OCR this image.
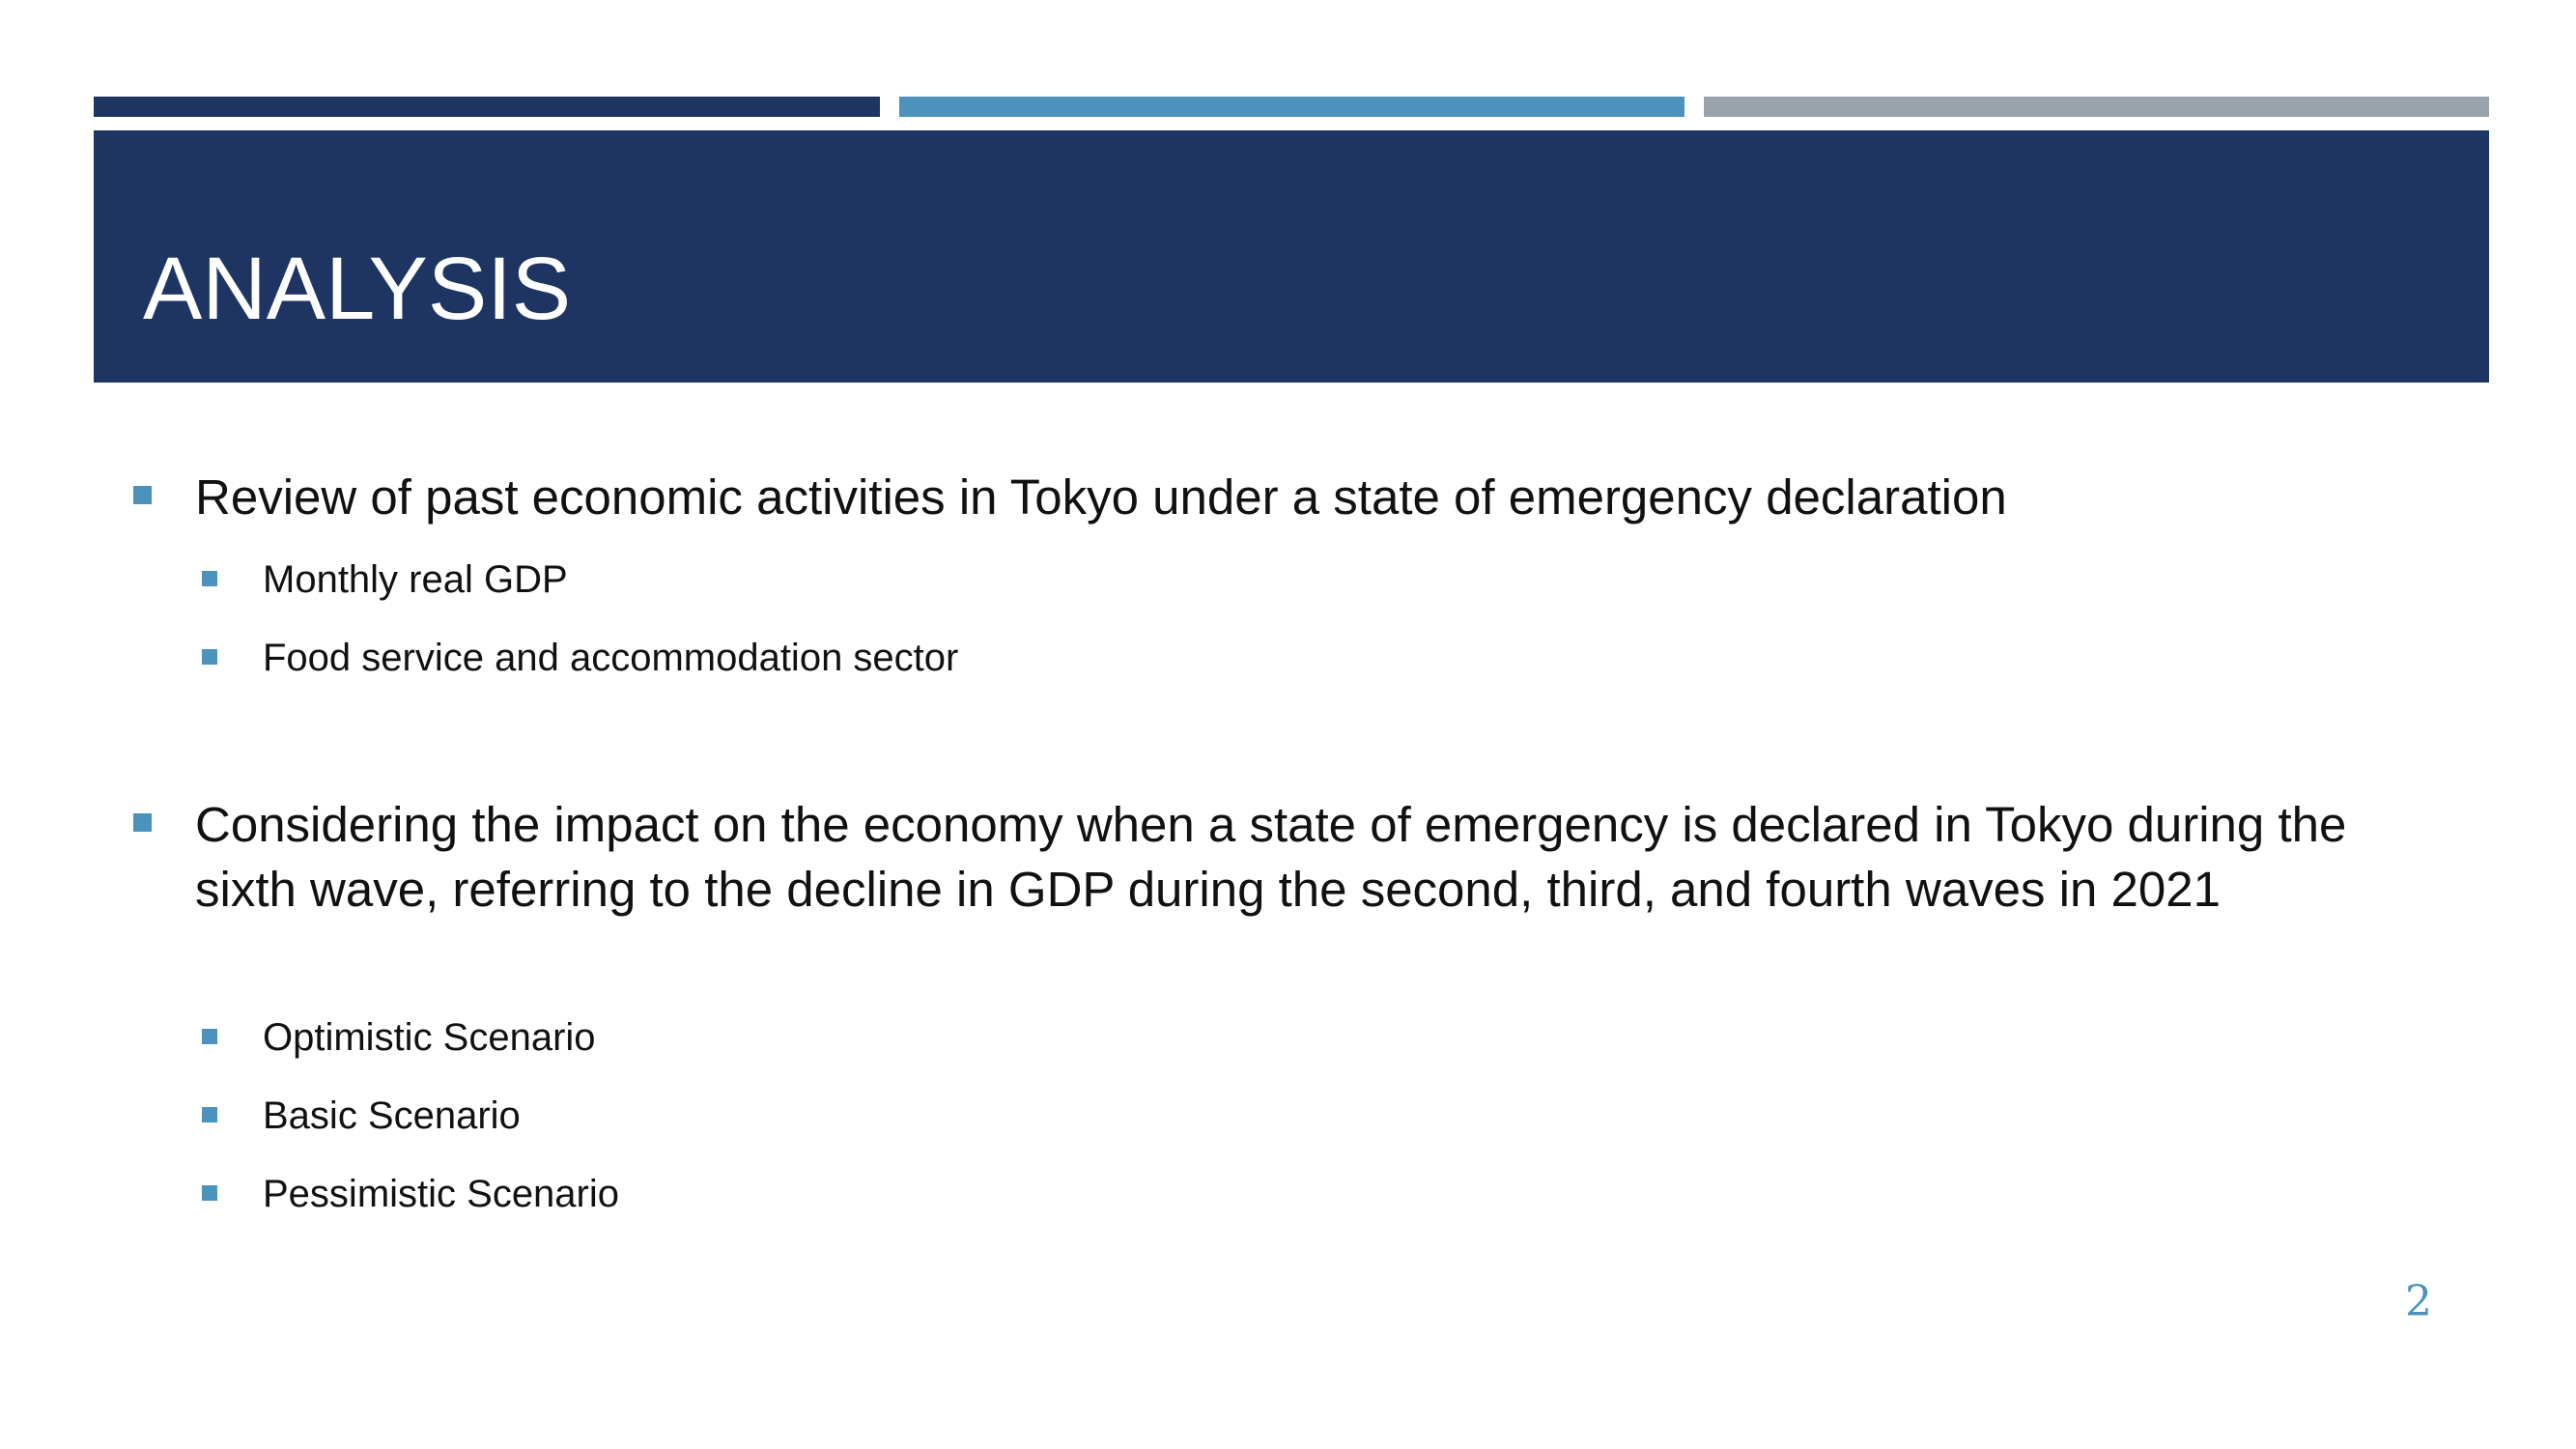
ANALYSIS
Review of past economic activities in Tokyo under a state of emergency declaration
Monthly real GDP
Food service and accommodation sector
Considering the impact on the economy when a state of emergency is declared in Tokyo during the sixth wave, referring to the decline in GDP during the second, third, and fourth waves in 2021
Optimistic Scenario
Basic Scenario
Pessimistic Scenario
2
